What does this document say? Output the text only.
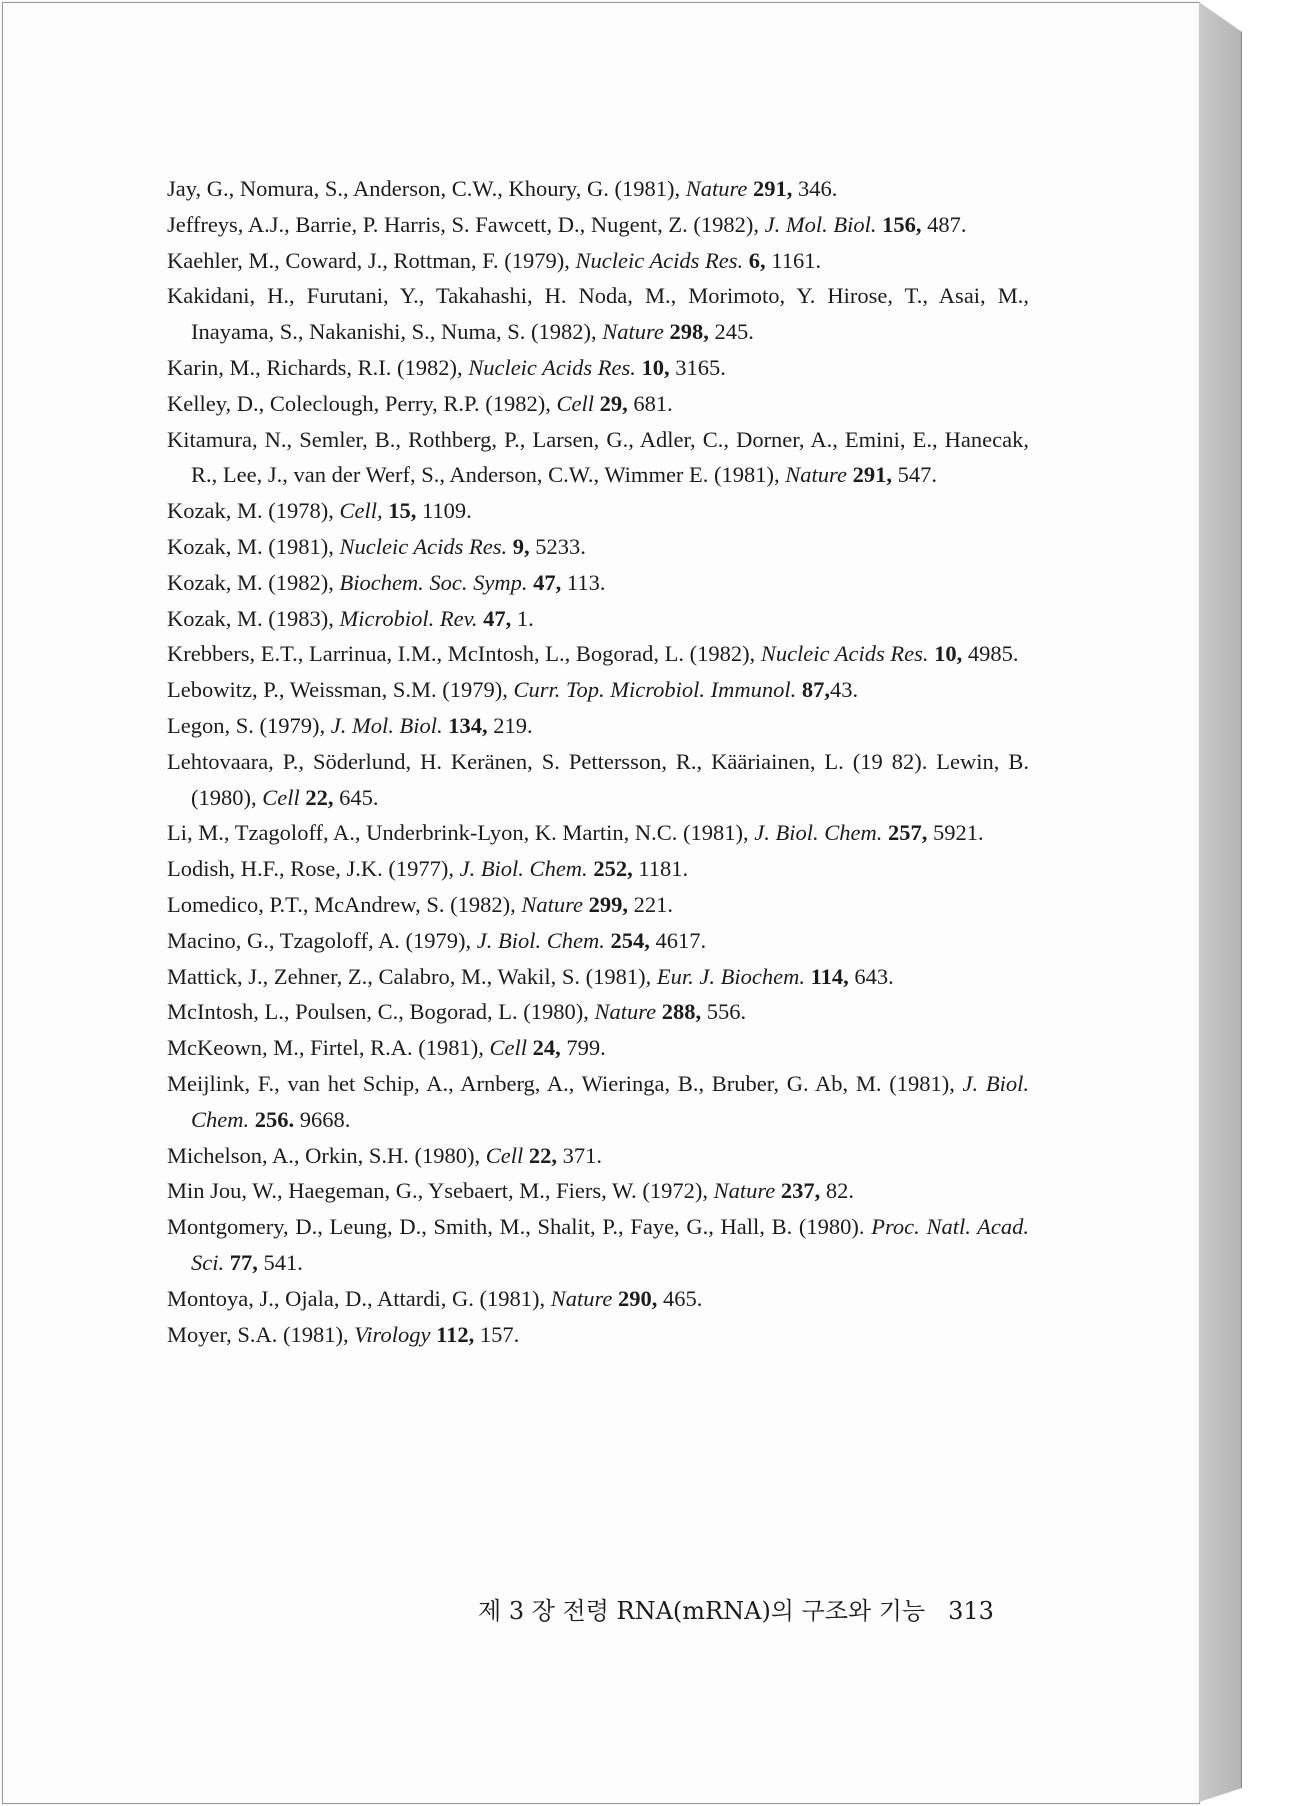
Jay, G., Nomura, S., Anderson, C.W., Khoury, G. (1981), Nature 291, 346.
Jeffreys, A.J., Barrie, P. Harris, S. Fawcett, D., Nugent, Z. (1982), J. Mol. Biol. 156, 487.
Kaehler, M., Coward, J., Rottman, F. (1979), Nucleic Acids Res. 6, 1161.
Kakidani, H., Furutani, Y., Takahashi, H. Noda, M., Morimoto, Y. Hirose, T., Asai, M., Inayama, S., Nakanishi, S., Numa, S. (1982), Nature 298, 245.
Karin, M., Richards, R.I. (1982), Nucleic Acids Res. 10, 3165.
Kelley, D., Coleclough, Perry, R.P. (1982), Cell 29, 681.
Kitamura, N., Semler, B., Rothberg, P., Larsen, G., Adler, C., Dorner, A., Emini, E., Hanecak, R., Lee, J., van der Werf, S., Anderson, C.W., Wimmer E. (1981), Nature 291, 547.
Kozak, M. (1978), Cell, 15, 1109.
Kozak, M. (1981), Nucleic Acids Res. 9, 5233.
Kozak, M. (1982), Biochem. Soc. Symp. 47, 113.
Kozak, M. (1983), Microbiol. Rev. 47, 1.
Krebbers, E.T., Larrinua, I.M., McIntosh, L., Bogorad, L. (1982), Nucleic Acids Res. 10, 4985.
Lebowitz, P., Weissman, S.M. (1979), Curr. Top. Microbiol. Immunol. 87,43.
Legon, S. (1979), J. Mol. Biol. 134, 219.
Lehtovaara, P., Söderlund, H. Keränen, S. Pettersson, R., Kääriainen, L. (19 82). Lewin, B. (1980), Cell 22, 645.
Li, M., Tzagoloff, A., Underbrink-Lyon, K. Martin, N.C. (1981), J. Biol. Chem. 257, 5921.
Lodish, H.F., Rose, J.K. (1977), J. Biol. Chem. 252, 1181.
Lomedico, P.T., McAndrew, S. (1982), Nature 299, 221.
Macino, G., Tzagoloff, A. (1979), J. Biol. Chem. 254, 4617.
Mattick, J., Zehner, Z., Calabro, M., Wakil, S. (1981), Eur. J. Biochem. 114, 643.
McIntosh, L., Poulsen, C., Bogorad, L. (1980), Nature 288, 556.
McKeown, M., Firtel, R.A. (1981), Cell 24, 799.
Meijlink, F., van het Schip, A., Arnberg, A., Wieringa, B., Bruber, G. Ab, M. (1981), J. Biol. Chem. 256. 9668.
Michelson, A., Orkin, S.H. (1980), Cell 22, 371.
Min Jou, W., Haegeman, G., Ysebaert, M., Fiers, W. (1972), Nature 237, 82.
Montgomery, D., Leung, D., Smith, M., Shalit, P., Faye, G., Hall, B. (1980). Proc. Natl. Acad. Sci. 77, 541.
Montoya, J., Ojala, D., Attardi, G. (1981), Nature 290, 465.
Moyer, S.A. (1981), Virology 112, 157.
제 3 장 전령 RNA(mRNA)의 구조와 기능 313
